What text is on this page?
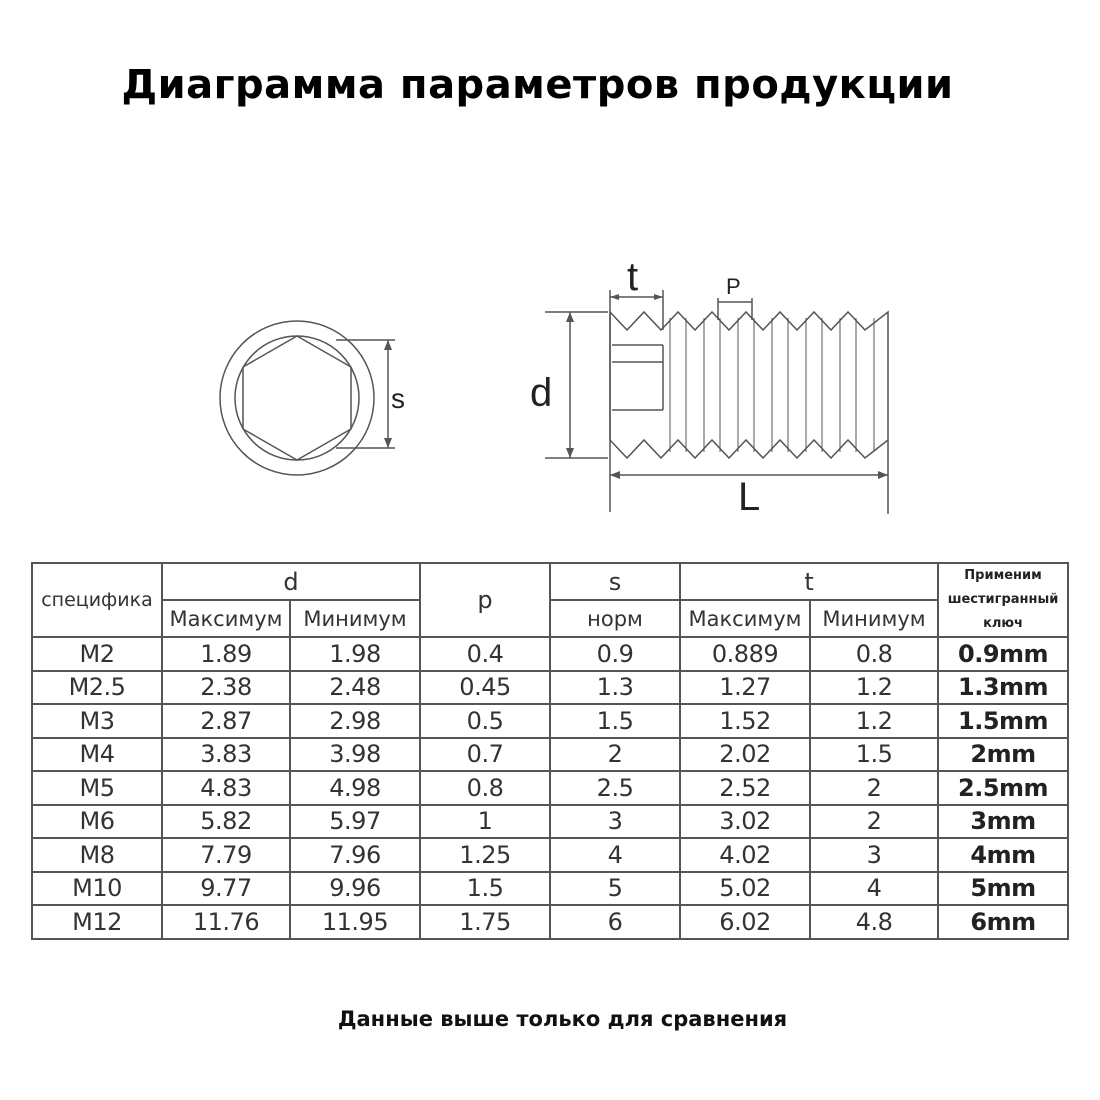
Диаграмма параметров продукции
s	d
t	P
L
специфика	d		p	s	t		Применим шестигранный ключ
	Максимум	Минимум		норм	Максимум	Минимум	
M2	1.89	1.98	0.4	0.9	0.889	0.8	0.9mm
M2.5	2.38	2.48	0.45	1.3	1.27	1.2	1.3mm
M3	2.87	2.98	0.5	1.5	1.52	1.2	1.5mm
M4	3.83	3.98	0.7	2	2.02	1.5	2mm
M5	4.83	4.98	0.8	2.5	2.52	2	2.5mm
M6	5.82	5.97	1	3	3.02	2	3mm
M8	7.79	7.96	1.25	4	4.02	3	4mm
M10	9.77	9.96	1.5	5	5.02	4	5mm
M12	11.76	11.95	1.75	6	6.02	4.8	6mm
Данные выше только для сравнения
